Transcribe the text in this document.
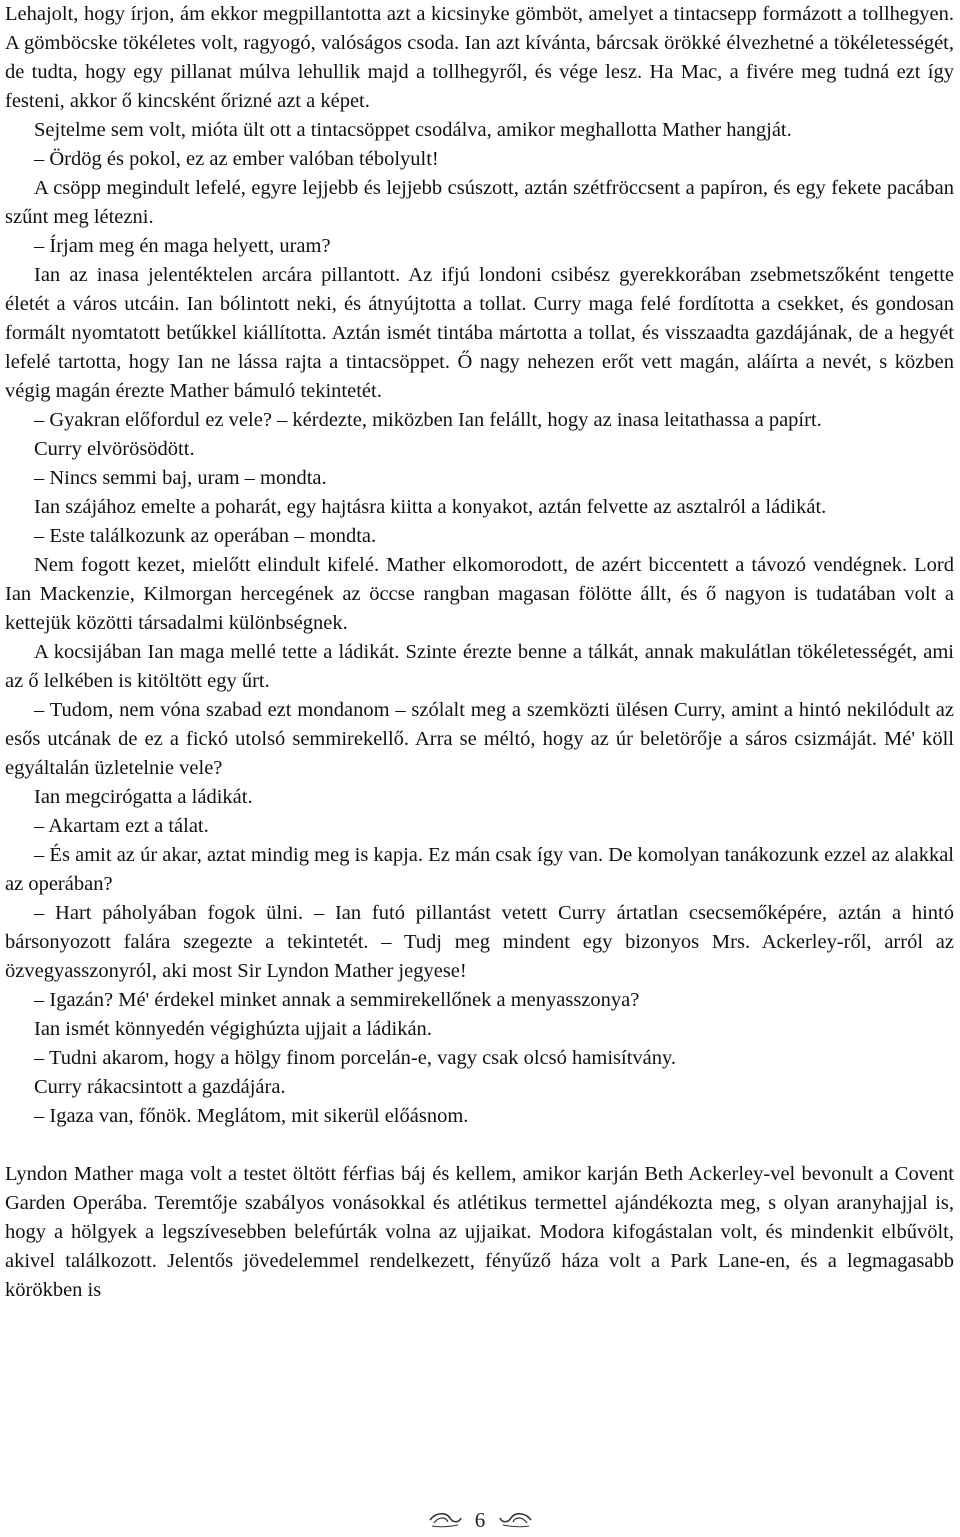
Lehajolt, hogy írjon, ám ekkor megpillantotta azt a kicsinyke gömböt, amelyet a tintacsepp formázott a tollhegyen. A gömböcske tökéletes volt, ragyogó, valóságos csoda. Ian azt kívánta, bárcsak örökké élvezhetné a tökéletességét, de tudta, hogy egy pillanat múlva lehullik majd a tollhegyről, és vége lesz. Ha Mac, a fivére meg tudná ezt így festeni, akkor ő kincsként őrizné azt a képet.

Sejtelme sem volt, mióta ült ott a tintacsöppet csodálva, amikor meghallotta Mather hangját.

– Ördög és pokol, ez az ember valóban tébolyult!

A csöpp megindult lefelé, egyre lejjebb és lejjebb csúszott, aztán szétfröccsent a papíron, és egy fekete pacában szűnt meg létezni.

– Írjam meg én maga helyett, uram?

Ian az inasa jelentéktelen arcára pillantott. Az ifjú londoni csibész gyerekkorában zsebmetszőként tengette életét a város utcáin. Ian bólintott neki, és átnyújtotta a tollat. Curry maga felé fordította a csekket, és gondosan formált nyomtatott betűkkel kiállította. Aztán ismét tintába mártotta a tollat, és visszaadta gazdájának, de a hegyét lefelé tartotta, hogy Ian ne lássa rajta a tintacsöppet. Ő nagy nehezen erőt vett magán, aláírta a nevét, s közben végig magán érezte Mather bámuló tekintetét.

– Gyakran előfordul ez vele? – kérdezte, miközben Ian felállt, hogy az inasa leitathassa a papírt.

Curry elvörösödött.

– Nincs semmi baj, uram – mondta.

Ian szájához emelte a poharát, egy hajtásra kiitta a konyakot, aztán felvette az asztalról a ládikát.

– Este találkozunk az operában – mondta.

Nem fogott kezet, mielőtt elindult kifelé. Mather elkomorodott, de azért biccentett a távozó vendégnek. Lord Ian Mackenzie, Kilmorgan hercegének az öccse rangban magasan fölötte állt, és ő nagyon is tudatában volt a kettejük közötti társadalmi különbségnek.

A kocsijában Ian maga mellé tette a ládikát. Szinte érezte benne a tálkát, annak makulátlan tökéletességét, ami az ő lelkében is kitöltött egy űrt.

– Tudom, nem vóna szabad ezt mondanom – szólalt meg a szemközti ülésen Curry, amint a hintó nekilódult az esős utcának de ez a fickó utolsó semmirekellő. Arra se méltó, hogy az úr beletörője a sáros csizmáját. Mé' köll egyáltalán üzletelnie vele?

Ian megcirógatta a ládikát.

– Akartam ezt a tálat.

– És amit az úr akar, aztat mindig meg is kapja. Ez mán csak így van. De komolyan tanákozunk ezzel az alakkal az operában?

– Hart páholyában fogok ülni. – Ian futó pillantást vetett Curry ártatlan csecsemőképére, aztán a hintó bársonyozott falára szegezte a tekintetét. – Tudj meg mindent egy bizonyos Mrs. Ackerley-ről, arról az özvegyasszonyról, aki most Sir Lyndon Mather jegyese!

– Igazán? Mé' érdekel minket annak a semmirekellőnek a menyasszonya?

Ian ismét könnyedén végighúzta ujjait a ládikán.

– Tudni akarom, hogy a hölgy finom porcelán-e, vagy csak olcsó hamisítvány.

Curry rákacsintott a gazdájára.

– Igaza van, főnök. Meglátom, mit sikerül előásnom.

Lyndon Mather maga volt a testet öltött férfias báj és kellem, amikor karján Beth Ackerley-vel bevonult a Covent Garden Operába. Teremtője szabályos vonásokkal és atlétikus termettel ajándékozta meg, s olyan aranyhajjal is, hogy a hölgyek a legszívesebben belefúrták volna az ujjaikat. Modora kifogástalan volt, és mindenkit elbűvölt, akivel találkozott. Jelentős jövedelemmel rendelkezett, fényűző háza volt a Park Lane-en, és a legmagasabb körökben is

6
